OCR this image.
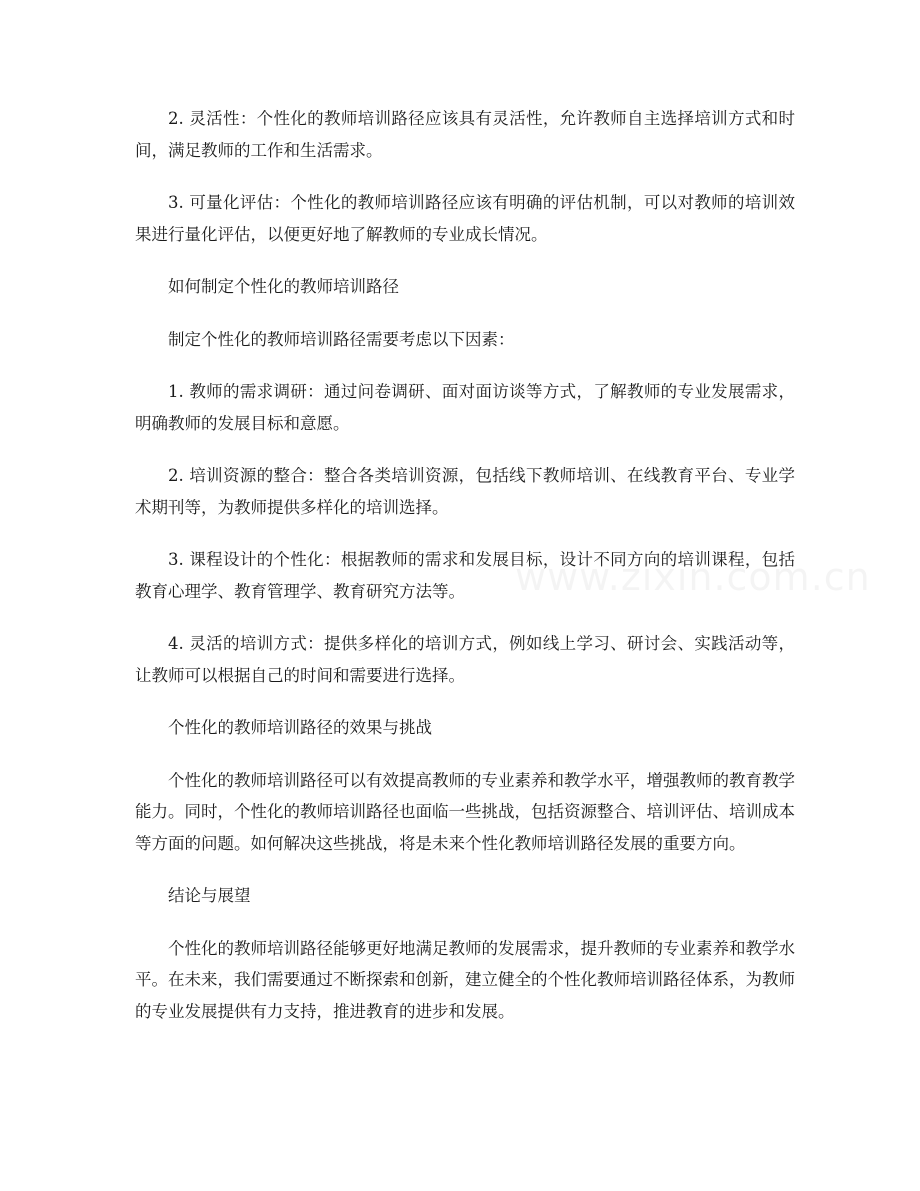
2. 灵活性：个性化的教师培训路径应该具有灵活性，允许教师自主选择培训方式和时间，满足教师的工作和生活需求。

3. 可量化评估：个性化的教师培训路径应该有明确的评估机制，可以对教师的培训效果进行量化评估，以便更好地了解教师的专业成长情况。

如何制定个性化的教师培训路径

制定个性化的教师培训路径需要考虑以下因素：

1. 教师的需求调研：通过问卷调研、面对面访谈等方式，了解教师的专业发展需求，明确教师的发展目标和意愿。

2. 培训资源的整合：整合各类培训资源，包括线下教师培训、在线教育平台、专业学术期刊等，为教师提供多样化的培训选择。

3. 课程设计的个性化：根据教师的需求和发展目标，设计不同方向的培训课程，包括教育心理学、教育管理学、教育研究方法等。

4. 灵活的培训方式：提供多样化的培训方式，例如线上学习、研讨会、实践活动等，让教师可以根据自己的时间和需要进行选择。

个性化的教师培训路径的效果与挑战

个性化的教师培训路径可以有效提高教师的专业素养和教学水平，增强教师的教育教学能力。同时，个性化的教师培训路径也面临一些挑战，包括资源整合、培训评估、培训成本等方面的问题。如何解决这些挑战，将是未来个性化教师培训路径发展的重要方向。

结论与展望

个性化的教师培训路径能够更好地满足教师的发展需求，提升教师的专业素养和教学水平。在未来，我们需要通过不断探索和创新，建立健全的个性化教师培训路径体系，为教师的专业发展提供有力支持，推进教育的进步和发展。
